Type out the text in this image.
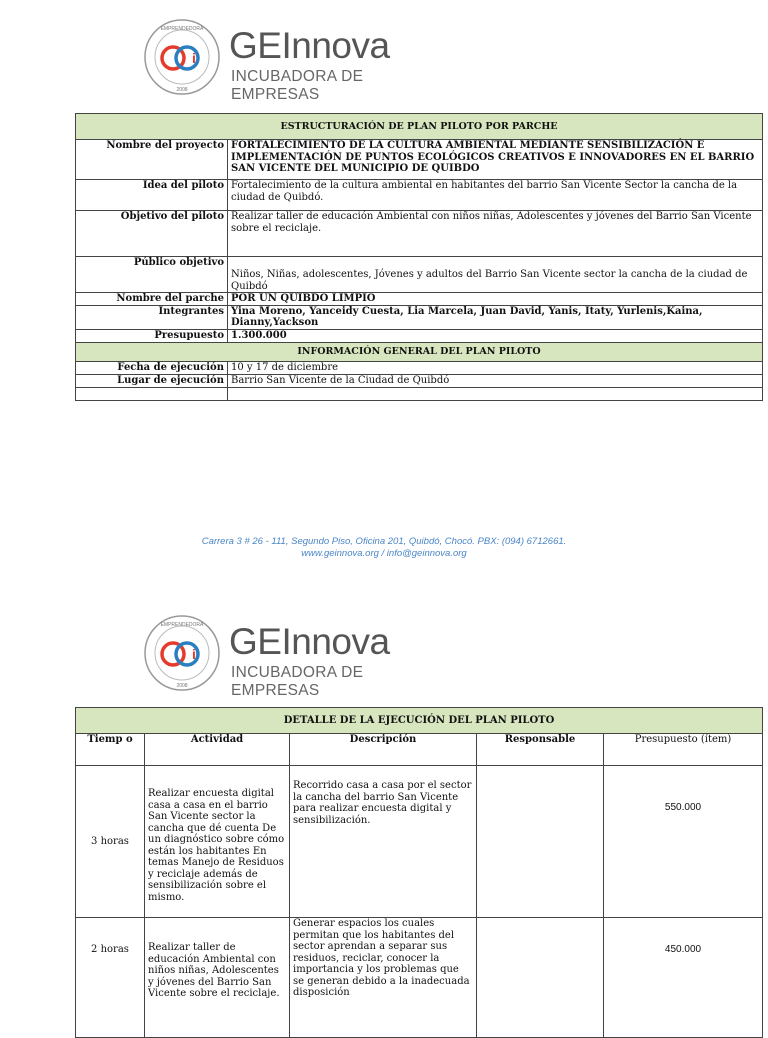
EMPRENDEDORA
2008
i GEInnova
INCUBADORA DE EMPRESAS
ESTRUCTURACIÓN DE PLAN PILOTO POR PARCHE	
Nombre del proyecto	FORTALECIMIENTO DE LA CULTURA AMBIENTAL MEDIANTE SENSIBILIZACIÓN E IMPLEMENTACIÓN DE PUNTOS ECOLÓGICOS CREATIVOS E INNOVADORES EN EL BARRIO SAN VICENTE DEL MUNICIPIO DE QUIBDO
Idea del piloto	Fortalecimiento de la cultura ambiental en habitantes del barrio San Vicente Sector la cancha de la ciudad de Quibdó.
Objetivo del piloto	Realizar taller de educación Ambiental con niños niñas, Adolescentes y jóvenes del Barrio San Vicente sobre el reciclaje.
Público objetivo	Niños, Niñas, adolescentes, Jóvenes y adultos del Barrio San Vicente sector la cancha de la ciudad de Quibdó
Nombre del parche	POR UN QUIBDO LIMPIO
Integrantes	Yina Moreno, Yanceidy Cuesta, Lia Marcela, Juan David, Yanis, Itaty, Yurlenis,Kaina, Dianny,Yackson
Presupuesto	1.300.000
INFORMACIÓN GENERAL DEL PLAN PILOTO	
Fecha de ejecución	10 y 17 de diciembre
Lugar de ejecución	Barrio San Vicente de la Ciudad de Quibdó

Carrera 3 # 26 - 111, Segundo Piso, Oficina 201, Quibdó, Chocó. PBX: (094) 6712661.
www.geinnova.org / info@geinnova.org
EMPRENDEDORA
2008
i GEInnova
INCUBADORA DE EMPRESAS
DETALLE DE LA EJECUCIÓN DEL PLAN PILOTO				
Tiemp o	Actividad	Descripción	Responsable	Presupuesto (ítem)
3 horas	Realizar encuesta digital casa a casa en el barrio San Vicente sector la cancha que dé cuenta De un diagnóstico sobre cómo están los habitantes En temas Manejo de Residuos y reciclaje además de sensibilización sobre el mismo.	Recorrido casa a casa por el sector la cancha del barrio San Vicente para realizar encuesta digital y sensibilización.		550.000
2 horas	Realizar taller de educación Ambiental con niños niñas, Adolescentes y jóvenes del Barrio San Vicente sobre el reciclaje.	Generar espacios los cuales permitan que los habitantes del sector aprendan a separar sus residuos, reciclar, conocer la importancia y los problemas que se generan debido a la inadecuada disposición		450.000
